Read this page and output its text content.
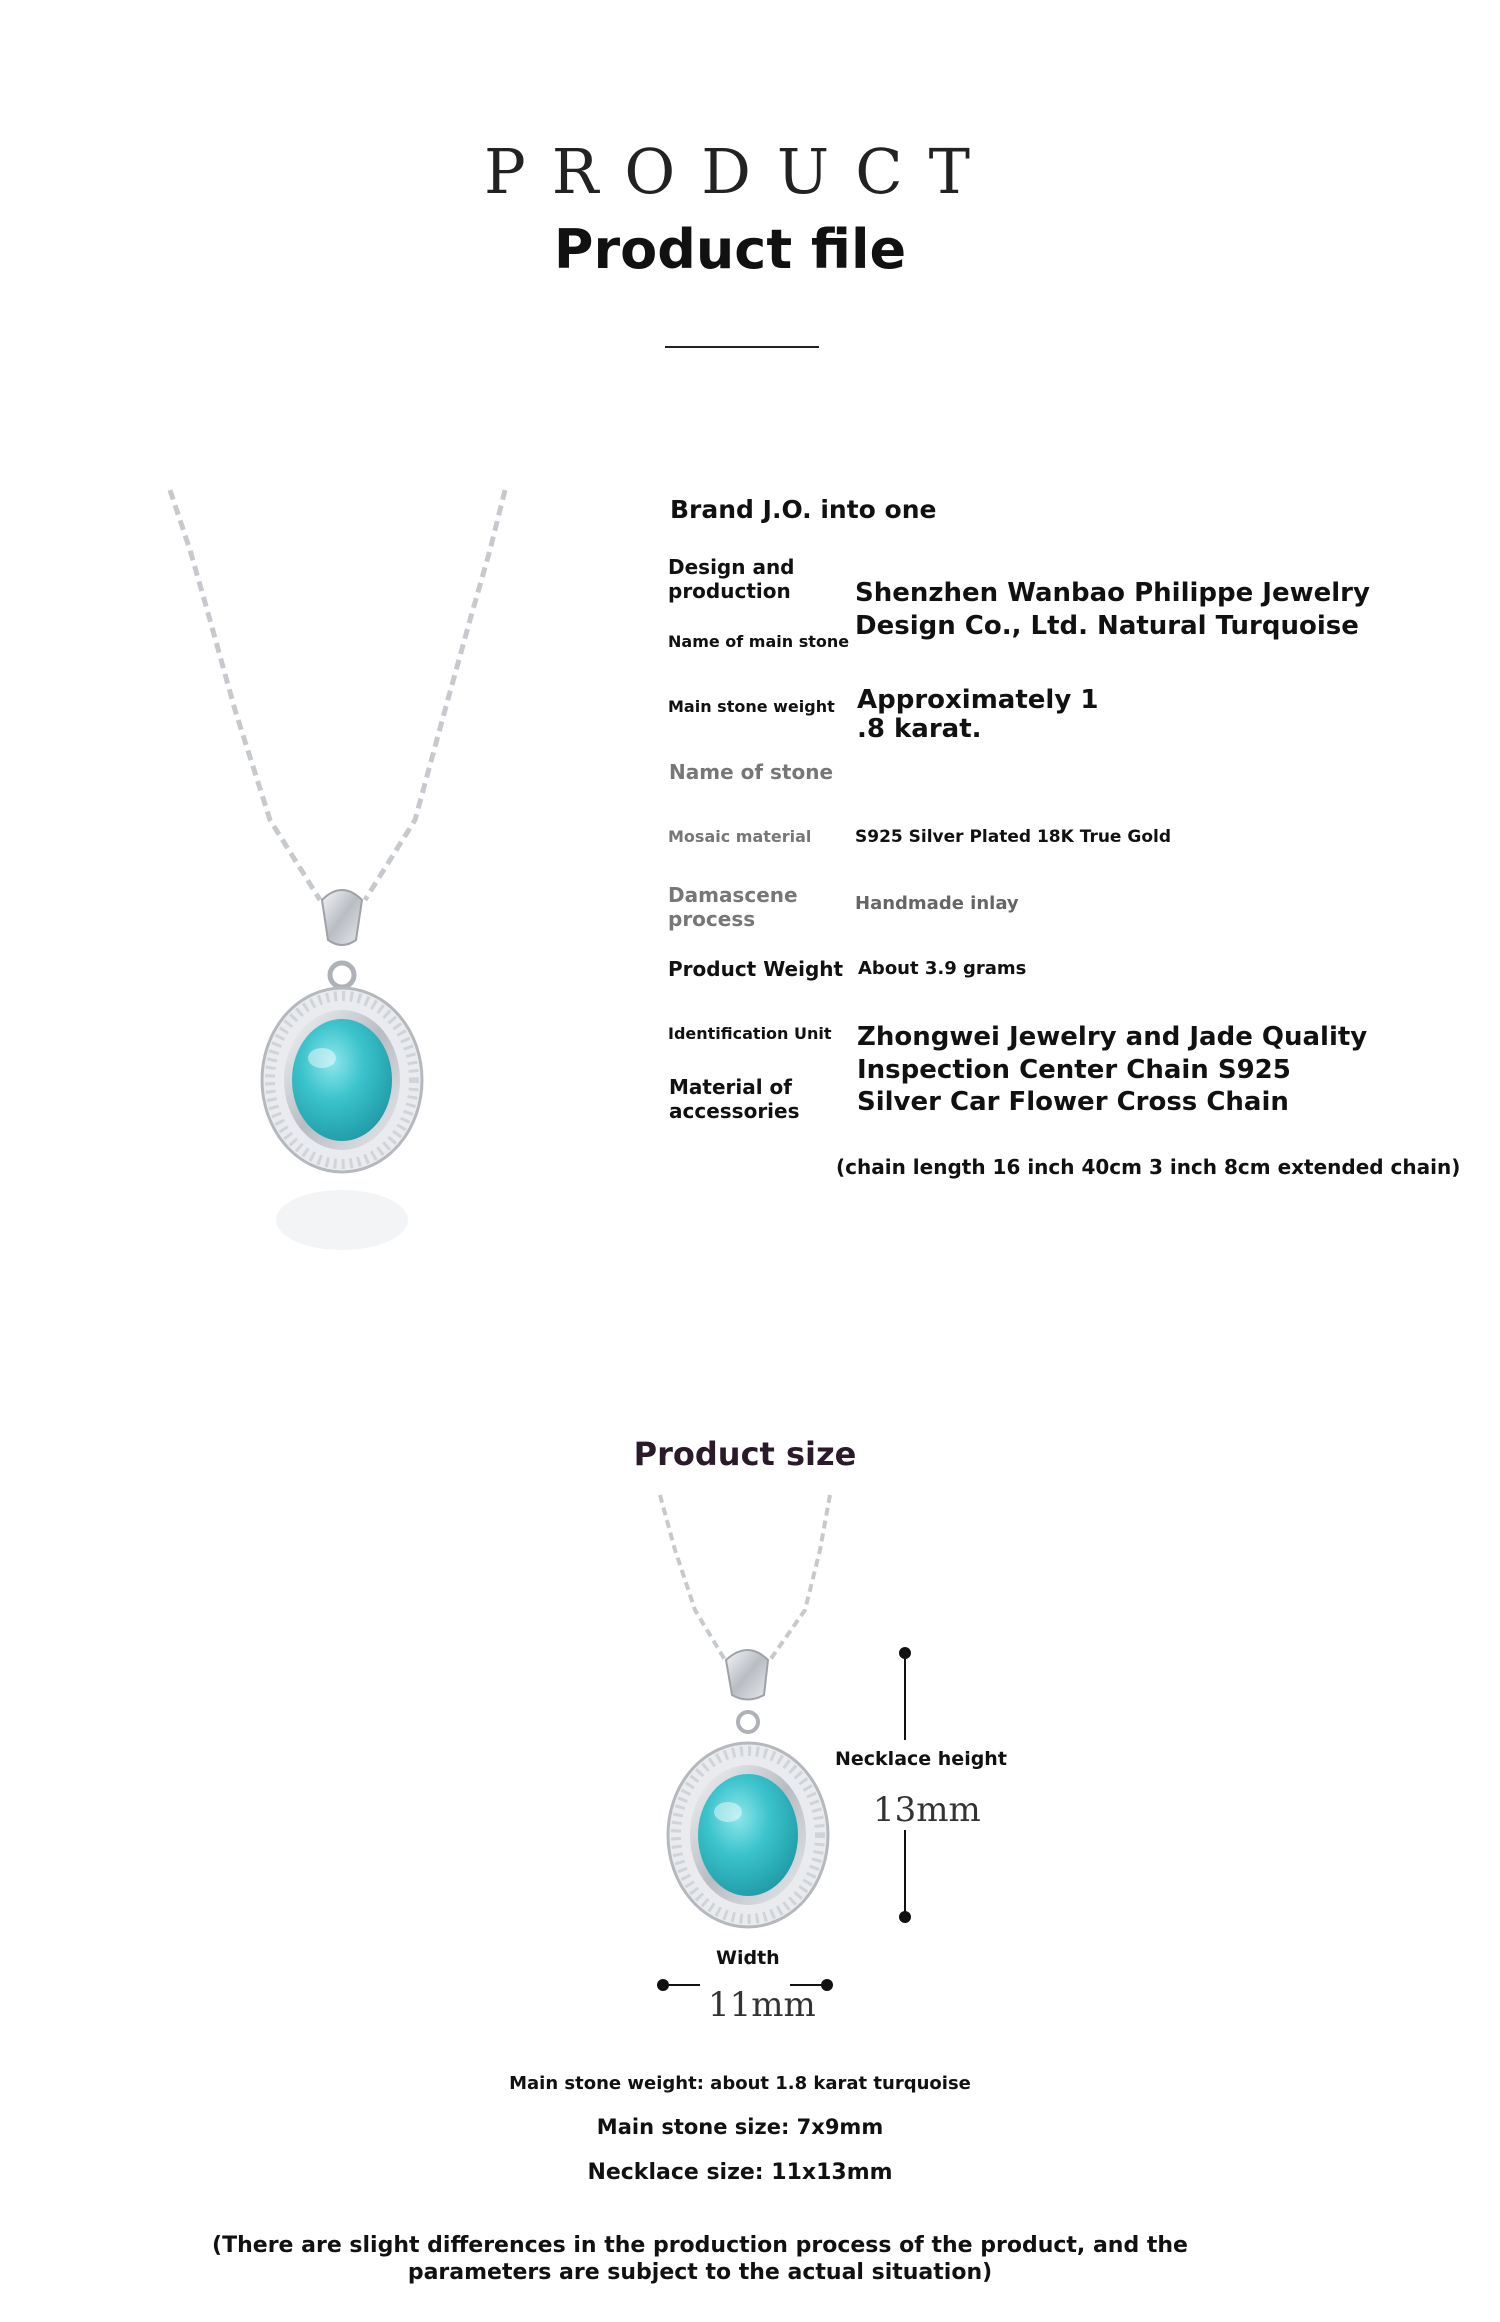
PRODUCT
Product file
Brand J.O. into one
Design and production	Shenzhen Wanbao Philippe Jewelry Design Co., Ltd. Natural Turquoise
Name of main stone
Main stone weight Approximately 1
.8 karat.
Name of stone
Mosaic material	S925 Silver Plated 18K True Gold
Damascene process
Handmade inlay
Product Weight About 3.9 grams
Identification Unit Zhongwei Jewelry and Jade Quality Inspection Center Chain S925 Silver Car Flower Cross Chain
Material of accessories
(chain length 16 inch 40cm 3 inch 8cm extended chain)
Product size
Necklace height
13mm
Width
11mm
Main stone weight: about 1.8 karat turquoise
Main stone size: 7x9mm
Necklace size: 11x13mm
(There are slight differences in the production process of the product, and the
parameters are subject to the actual situation)
